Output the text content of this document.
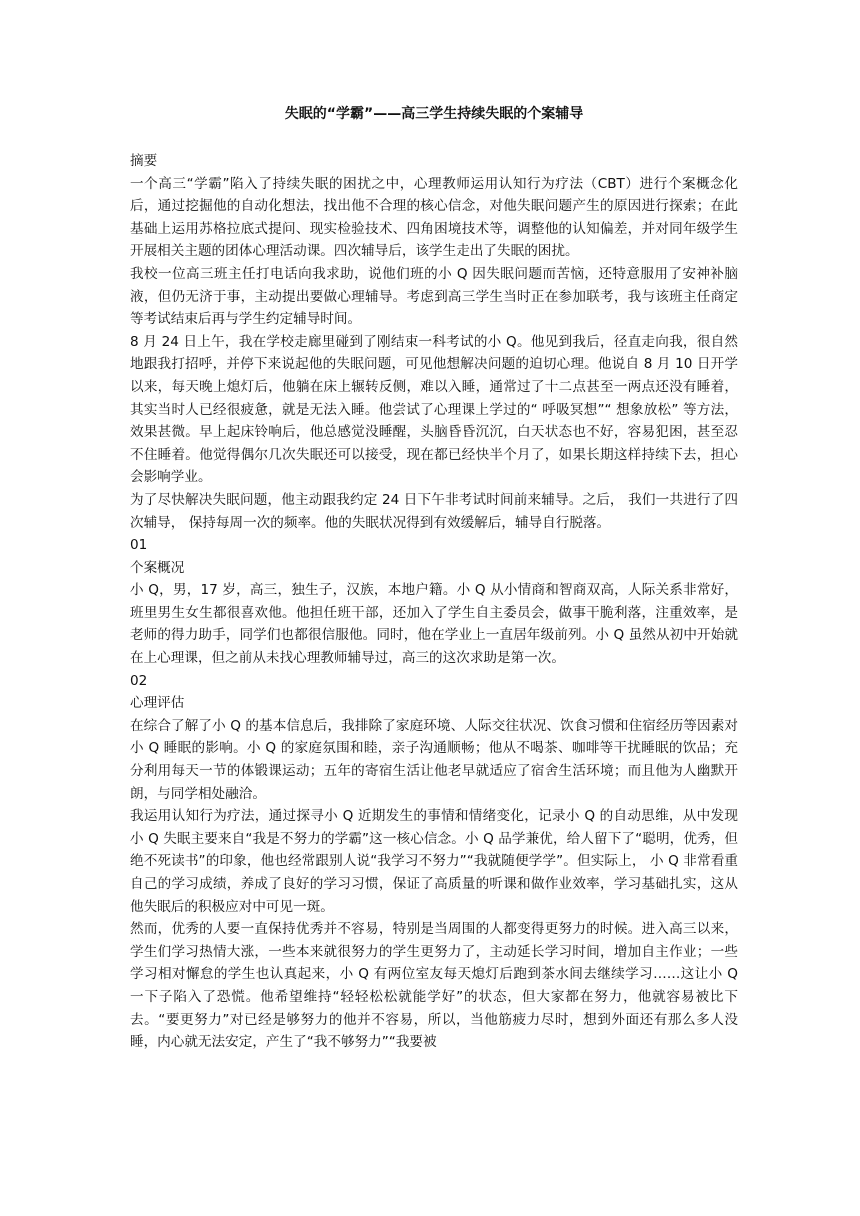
失眠的“学霸”——高三学生持续失眠的个案辅导

摘要

一个高三“学霸”陷入了持续失眠的困扰之中，心理教师运用认知行为疗法（CBT）进行个案概念化后，通过挖掘他的自动化想法，找出他不合理的核心信念，对他失眠问题产生的原因进行探索；在此基础上运用苏格拉底式提问、现实检验技术、四角困境技术等，调整他的认知偏差，并对同年级学生开展相关主题的团体心理活动课。四次辅导后，该学生走出了失眠的困扰。

我校一位高三班主任打电话向我求助，说他们班的小 Q 因失眠问题而苦恼，还特意服用了安神补脑液，但仍无济于事，主动提出要做心理辅导。考虑到高三学生当时正在参加联考，我与该班主任商定等考试结束后再与学生约定辅导时间。

8 月 24 日上午，我在学校走廊里碰到了刚结束一科考试的小 Q。他见到我后，径直走向我，很自然地跟我打招呼，并停下来说起他的失眠问题，可见他想解决问题的迫切心理。他说自 8 月 10 日开学以来，每天晚上熄灯后，他躺在床上辗转反侧，难以入睡，通常过了十二点甚至一两点还没有睡着，其实当时人已经很疲惫，就是无法入睡。他尝试了心理课上学过的“ 呼吸冥想”“ 想象放松” 等方法， 效果甚微。早上起床铃响后，他总感觉没睡醒，头脑昏昏沉沉，白天状态也不好，容易犯困，甚至忍不住睡着。他觉得偶尔几次失眠还可以接受，现在都已经快半个月了，如果长期这样持续下去，担心会影响学业。

为了尽快解决失眠问题，他主动跟我约定 24 日下午非考试时间前来辅导。之后， 我们一共进行了四次辅导， 保持每周一次的频率。他的失眠状况得到有效缓解后，辅导自行脱落。

01

个案概况

小 Q，男，17 岁，高三，独生子，汉族，本地户籍。小 Q 从小情商和智商双高，人际关系非常好，班里男生女生都很喜欢他。他担任班干部，还加入了学生自主委员会，做事干脆利落，注重效率，是老师的得力助手，同学们也都很信服他。同时，他在学业上一直居年级前列。小 Q 虽然从初中开始就在上心理课，但之前从未找心理教师辅导过，高三的这次求助是第一次。

02

心理评估

在综合了解了小 Q 的基本信息后，我排除了家庭环境、人际交往状况、饮食习惯和住宿经历等因素对小 Q 睡眠的影响。小 Q 的家庭氛围和睦，亲子沟通顺畅；他从不喝茶、咖啡等干扰睡眠的饮品；充分利用每天一节的体锻课运动；五年的寄宿生活让他老早就适应了宿舍生活环境；而且他为人幽默开朗，与同学相处融洽。

我运用认知行为疗法，通过探寻小 Q 近期发生的事情和情绪变化，记录小 Q 的自动思维，从中发现小 Q 失眠主要来自“我是不努力的学霸”这一核心信念。小 Q 品学兼优，给人留下了“聪明，优秀，但绝不死读书”的印象，他也经常跟别人说“我学习不努力”“我就随便学学”。但实际上， 小 Q 非常看重自己的学习成绩，养成了良好的学习习惯，保证了高质量的听课和做作业效率，学习基础扎实，这从他失眠后的积极应对中可见一斑。

然而，优秀的人要一直保持优秀并不容易，特别是当周围的人都变得更努力的时候。进入高三以来，学生们学习热情大涨，一些本来就很努力的学生更努力了，主动延长学习时间，增加自主作业；一些学习相对懈怠的学生也认真起来，小 Q 有两位室友每天熄灯后跑到茶水间去继续学习……这让小 Q 一下子陷入了恐慌。他希望维持“轻轻松松就能学好”的状态，但大家都在努力，他就容易被比下去。“要更努力”对已经是够努力的他并不容易，所以，当他筋疲力尽时，想到外面还有那么多人没睡，内心就无法安定，产生了“我不够努力”“我要被
